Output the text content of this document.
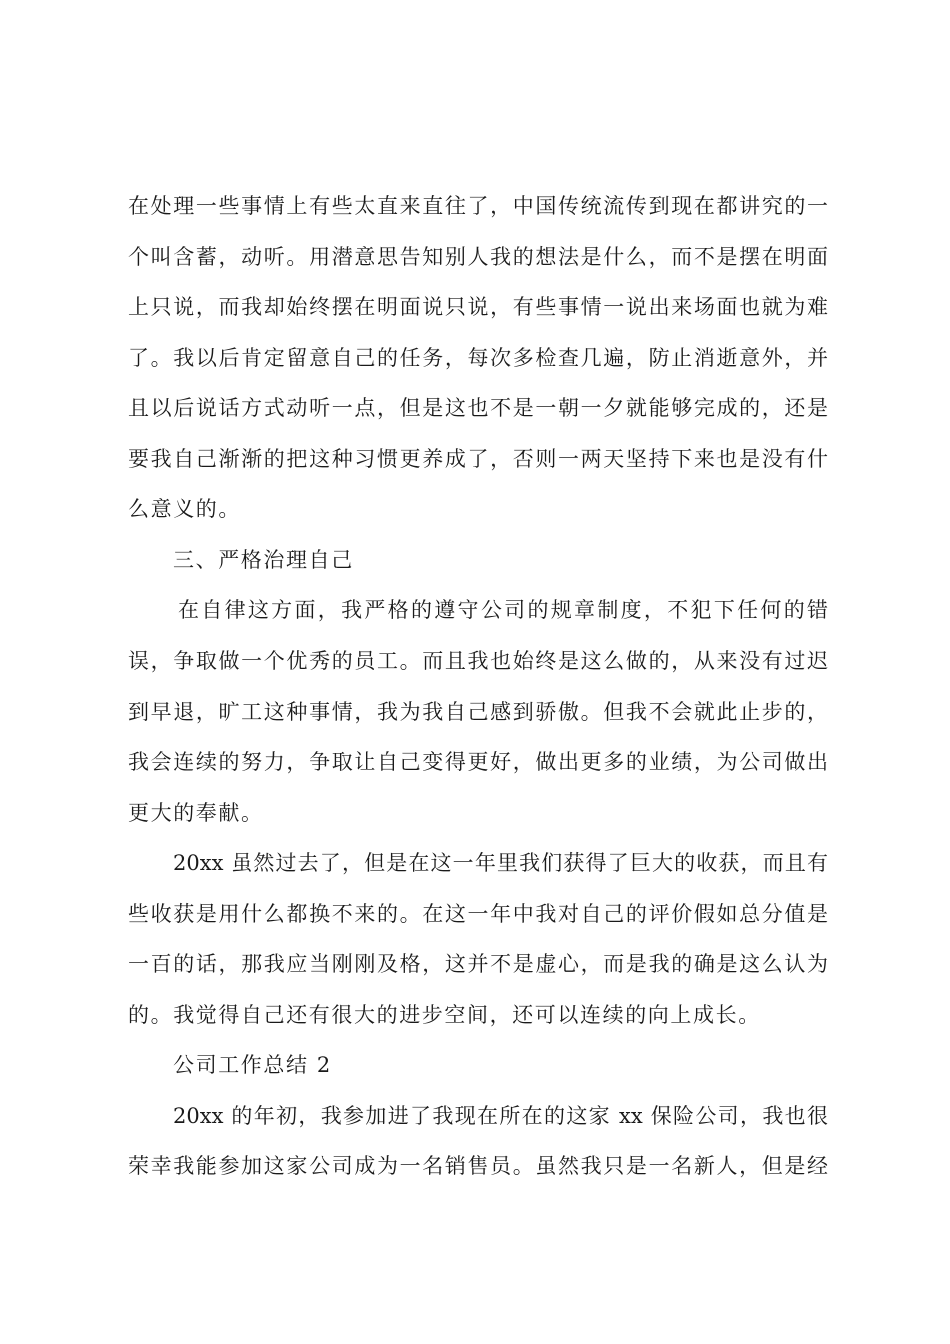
在处理一些事情上有些太直来直往了，中国传统流传到现在都讲究的一
个叫含蓄，动听。用潜意思告知别人我的想法是什么，而不是摆在明面
上只说，而我却始终摆在明面说只说，有些事情一说出来场面也就为难
了。我以后肯定留意自己的任务，每次多检查几遍，防止消逝意外，并
且以后说话方式动听一点，但是这也不是一朝一夕就能够完成的，还是
要我自己渐渐的把这种习惯更养成了，否则一两天坚持下来也是没有什
么意义的。
三、严格治理自己
在自律这方面，我严格的遵守公司的规章制度，不犯下任何的错
误，争取做一个优秀的员工。而且我也始终是这么做的，从来没有过迟
到早退，旷工这种事情，我为我自己感到骄傲。但我不会就此止步的，
我会连续的努力，争取让自己变得更好，做出更多的业绩，为公司做出
更大的奉献。
20xx 虽然过去了，但是在这一年里我们获得了巨大的收获，而且有
些收获是用什么都换不来的。在这一年中我对自己的评价假如总分值是
一百的话，那我应当刚刚及格，这并不是虚心，而是我的确是这么认为
的。我觉得自己还有很大的进步空间，还可以连续的向上成长。
公司工作总结 2
20xx 的年初，我参加进了我现在所在的这家 xx 保险公司，我也很
荣幸我能参加这家公司成为一名销售员。虽然我只是一名新人，但是经
